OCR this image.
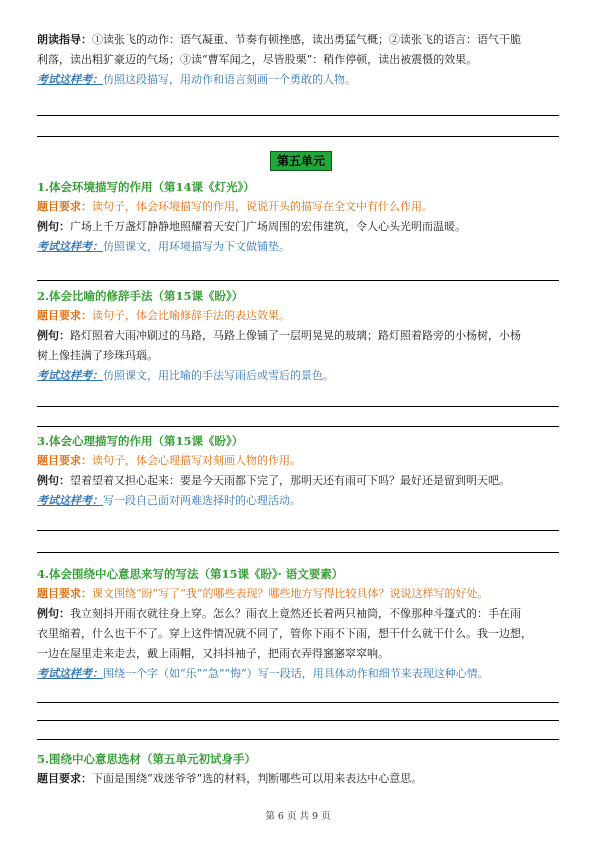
朗读指导：①读张飞的动作：语气凝重、节奏有顿挫感，读出勇猛气概；②读张飞的语言：语气干脆
利落，读出粗犷豪迈的气场；③读“曹军闻之，尽皆股栗”：稍作停顿，读出被震慑的效果。
考试这样考：仿照这段描写，用动作和语言刻画一个勇敢的人物。
第五单元
1.体会环境描写的作用（第14课《灯光》）
题目要求：读句子，体会环境描写的作用，说说开头的描写在全文中有什么作用。
例句：广场上千万盏灯静静地照耀着天安门广场周围的宏伟建筑，令人心头光明而温暖。
考试这样考：仿照课文，用环境描写为下文做铺垫。
2.体会比喻的修辞手法（第15课《盼》）
题目要求：读句子，体会比喻修辞手法的表达效果。
例句：路灯照着大雨冲刷过的马路，马路上像铺了一层明晃晃的玻璃；路灯照着路旁的小杨树，小杨
树上像挂满了珍珠玛瑙。
考试这样考：仿照课文，用比喻的手法写雨后或雪后的景色。
3.体会心理描写的作用（第15课《盼》）
题目要求：读句子，体会心理描写对刻画人物的作用。
例句：望着望着又担心起来：要是今天雨都下完了，那明天还有雨可下吗？最好还是留到明天吧。
考试这样考：写一段自己面对两难选择时的心理活动。
4.体会围绕中心意思来写的写法（第15课《盼》· 语文要素）
题目要求：课文围绕“盼”写了“我”的哪些表现？哪些地方写得比较具体？说说这样写的好处。
例句：我立刻抖开雨衣就往身上穿。怎么？雨衣上竟然还长着两只袖筒，不像那种斗篷式的：手在雨
衣里缩着，什么也干不了。穿上这件情况就不同了，管你下雨不下雨，想干什么就干什么。我一边想，
一边在屋里走来走去，戴上雨帽，又抖抖袖子，把雨衣弄得窸窸窣窣响。
考试这样考：围绕一个字（如“乐”“急”“悔”）写一段话，用具体动作和细节来表现这种心情。
5.围绕中心意思选材（第五单元初试身手）
题目要求：下面是围绕“戏迷爷爷”选的材料，判断哪些可以用来表达中心意思。
第 6 页 共 9 页
